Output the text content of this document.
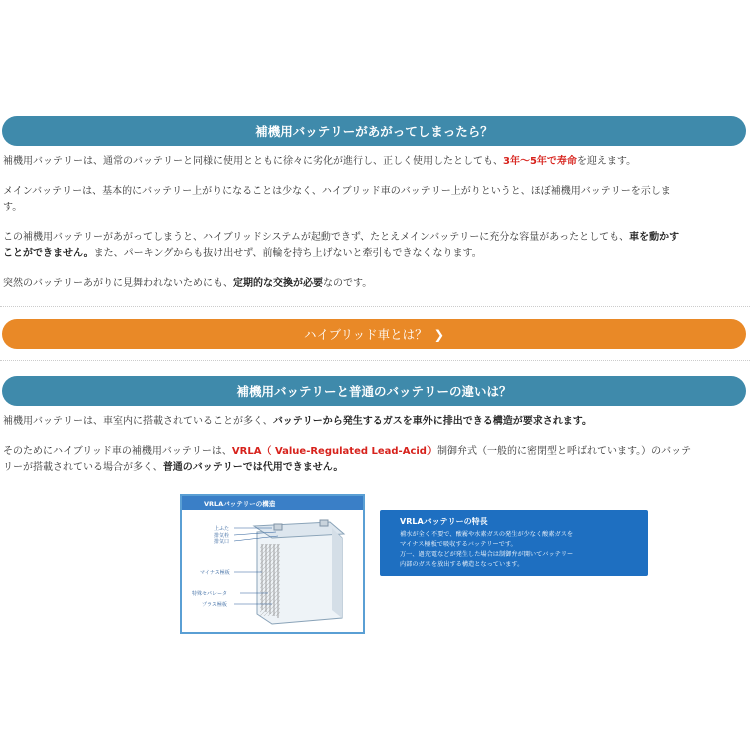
補機用バッテリーがあがってしまったら？

補機用バッテリーは、通常のバッテリーと同様に使用とともに徐々に劣化が進行し、正しく使用したとしても、3年～5年で寿命を迎えます。

メインバッテリーは、基本的にバッテリー上がりになることは少なく、ハイブリッド車のバッテリー上がりというと、ほぼ補機用バッテリーを示しま
す。

この補機用バッテリーがあがってしまうと、ハイブリッドシステムが起動できず、たとえメインバッテリーに充分な容量があったとしても、車を動かす
ことができません。また、パーキングからも抜け出せず、前輪を持ち上げないと牽引もできなくなります。

突然のバッテリーあがりに見舞われないためにも、定期的な交換が必要なのです。

ハイブリッド車とは？ ❯
補機用バッテリーと普通のバッテリーの違いは？

補機用バッテリーは、車室内に搭載されていることが多く、バッテリーから発生するガスを車外に排出できる構造が要求されます。

そのためにハイブリッド車の補機用バッテリーは、VRLA（ Value-Regulated Lead-Acid）制御弁式（一般的に密閉型と呼ばれています。）のバッテ
リーが搭載されている場合が多く、普通のバッテリーでは代用できません。

VRLAバッテリーの構造
上ふた
排気栓
排気口
マイナス極板
特殊セパレータ
プラス極板
VRLAバッテリーの特長

補水が全く不要で、酸霧や水素ガスの発生が少なく酸素ガスを

マイナス極板で吸収するバッテリーです。

万一、過充電などが発生した場合は制御弁が開いてバッテリー

内部のガスを放出する構造となっています。
